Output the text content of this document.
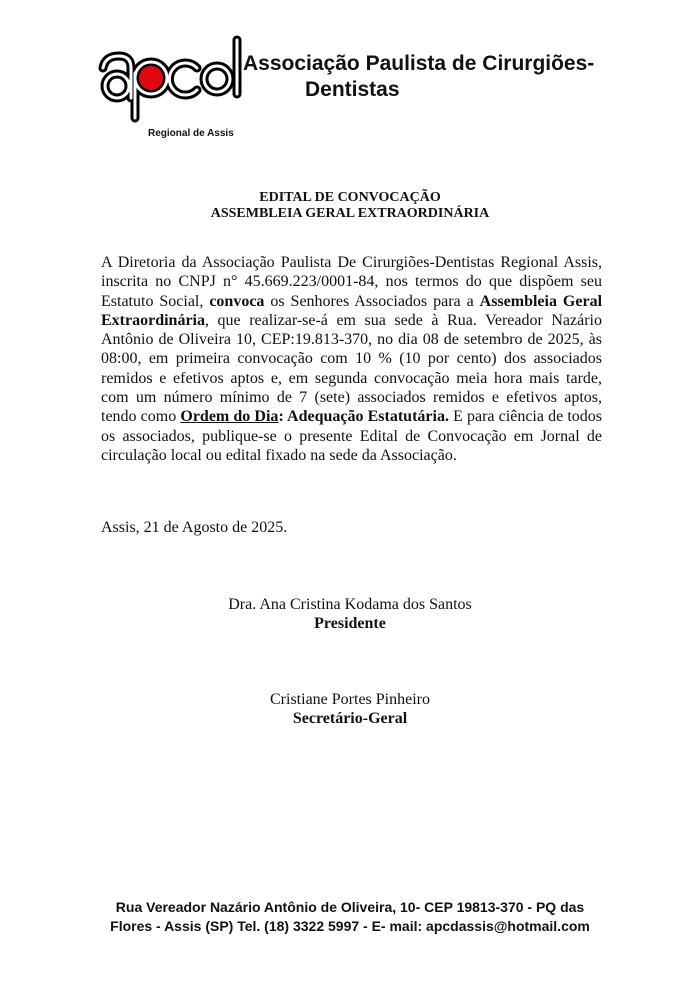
Associação Paulista de Cirurgiões-
Dentistas
Regional de Assis
EDITAL DE CONVOCAÇÃO
ASSEMBLEIA GERAL EXTRAORDINÁRIA
A Diretoria da Associação Paulista De Cirurgiões-Dentistas Regional Assis, inscrita no CNPJ n° 45.669.223/0001-84, nos termos do que dispõem seu Estatuto Social, convoca os Senhores Associados para a Assembleia Geral Extraordinária, que realizar-se-á em sua sede à Rua. Vereador Nazário Antônio de Oliveira 10, CEP:19.813-370, no dia 08 de setembro de 2025, às 08:00, em primeira convocação com 10 % (10 por cento) dos associados remidos e efetivos aptos e, em segunda convocação meia hora mais tarde, com um número mínimo de 7 (sete) associados remidos e efetivos aptos, tendo como Ordem do Dia: Adequação Estatutária. E para ciência de todos os associados, publique-se o presente Edital de Convocação em Jornal de circulação local ou edital fixado na sede da Associação.
Assis, 21 de Agosto de 2025.
Dra. Ana Cristina Kodama dos Santos
Presidente
Cristiane Portes Pinheiro
Secretário-Geral
Rua Vereador Nazário Antônio de Oliveira, 10- CEP 19813-370 - PQ das
Flores - Assis (SP) Tel. (18) 3322 5997 - E- mail: apcdassis@hotmail.com
